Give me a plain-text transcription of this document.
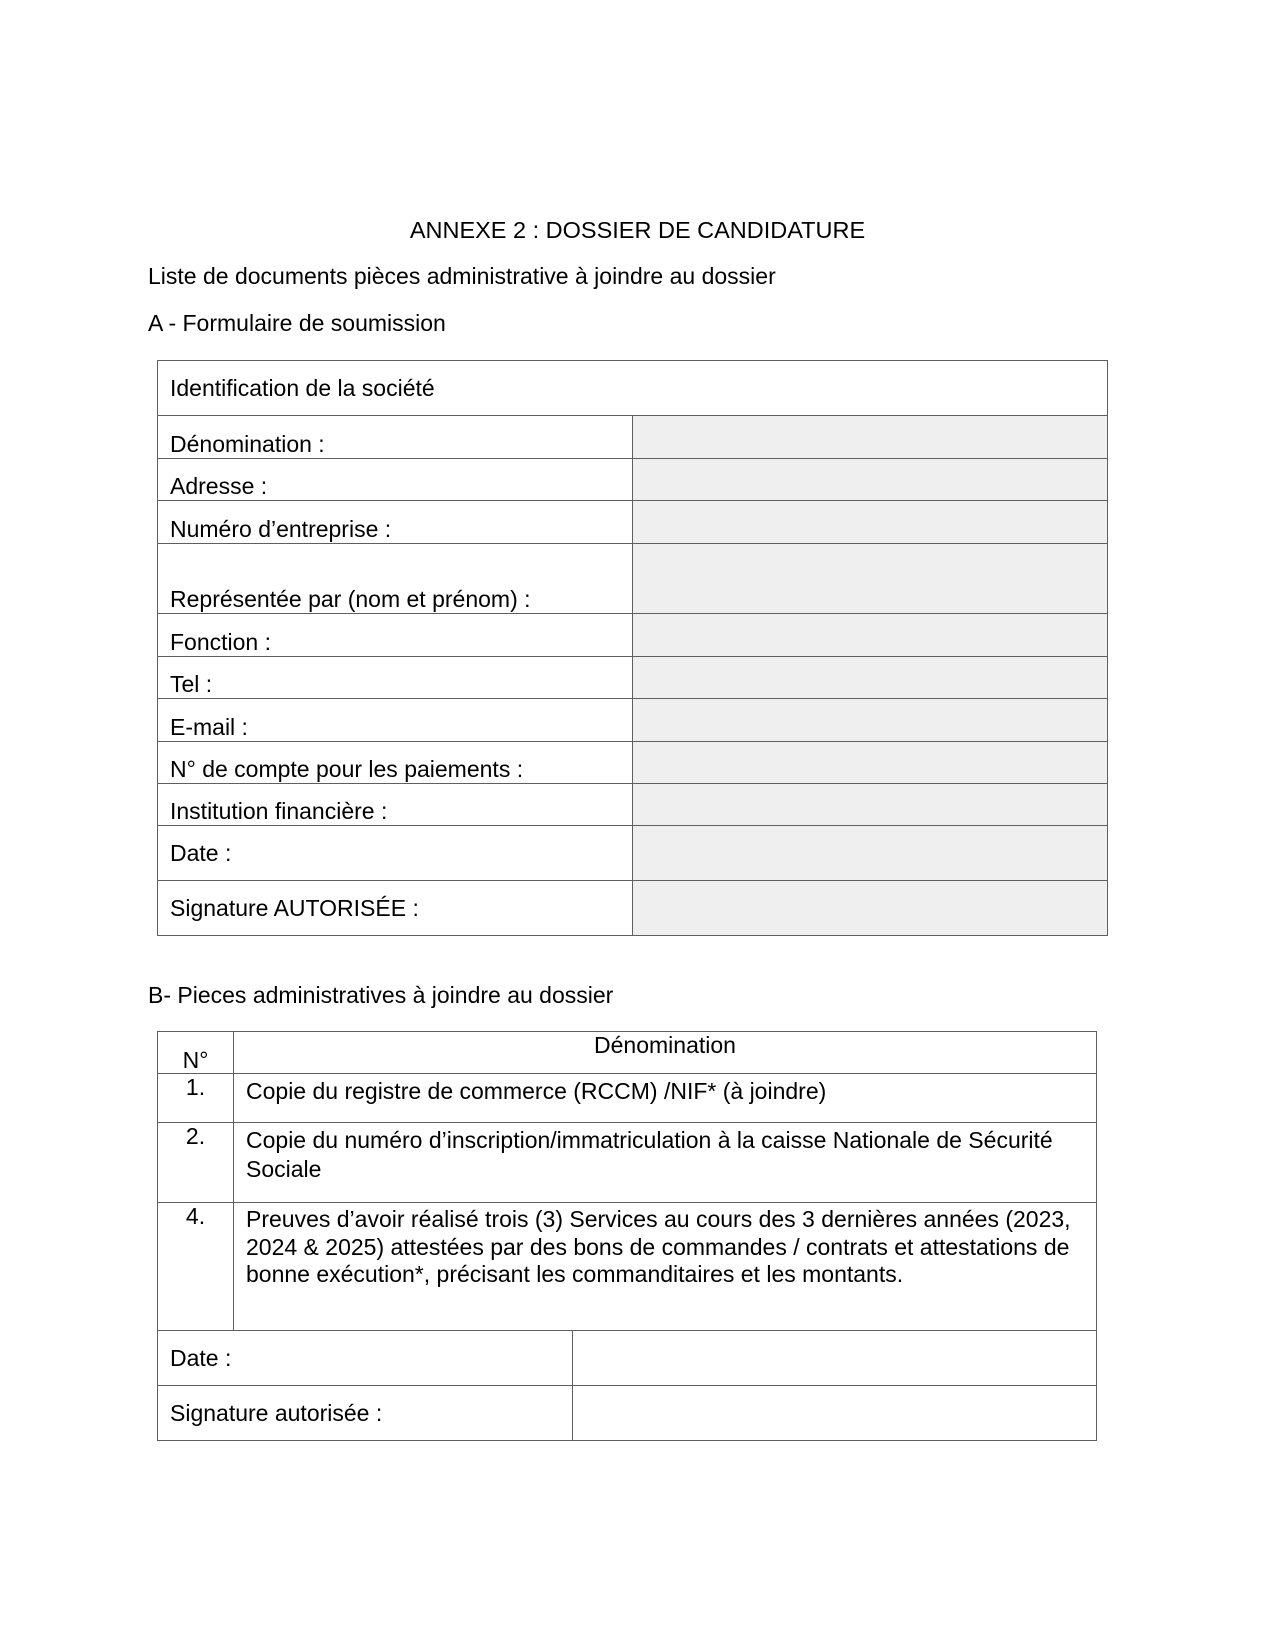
ANNEXE 2 : DOSSIER DE CANDIDATURE
Liste de documents pièces administrative à joindre au dossier
A - Formulaire de soumission
Identification de la société	
Dénomination :	
Adresse :	
Numéro d’entreprise :	
Représentée par (nom et prénom) :	
Fonction :	
Tel :	
E-mail :	
N° de compte pour les paiements :	
Institution financière :	
Date :	
Signature AUTORISÉE :	
B- Pieces administratives à joindre au dossier
N°	Dénomination	
1.	Copie du registre de commerce (RCCM) /NIF* (à joindre)	
2.	Copie du numéro d’inscription/immatriculation à la caisse Nationale de Sécurité Sociale	
4.	Preuves d’avoir réalisé trois (3) Services au cours des 3 dernières années (2023, 2024 & 2025) attestées par des bons de commandes / contrats et attestations de bonne exécution*, précisant les commanditaires et les montants.	
Date :		
Signature autorisée :		
